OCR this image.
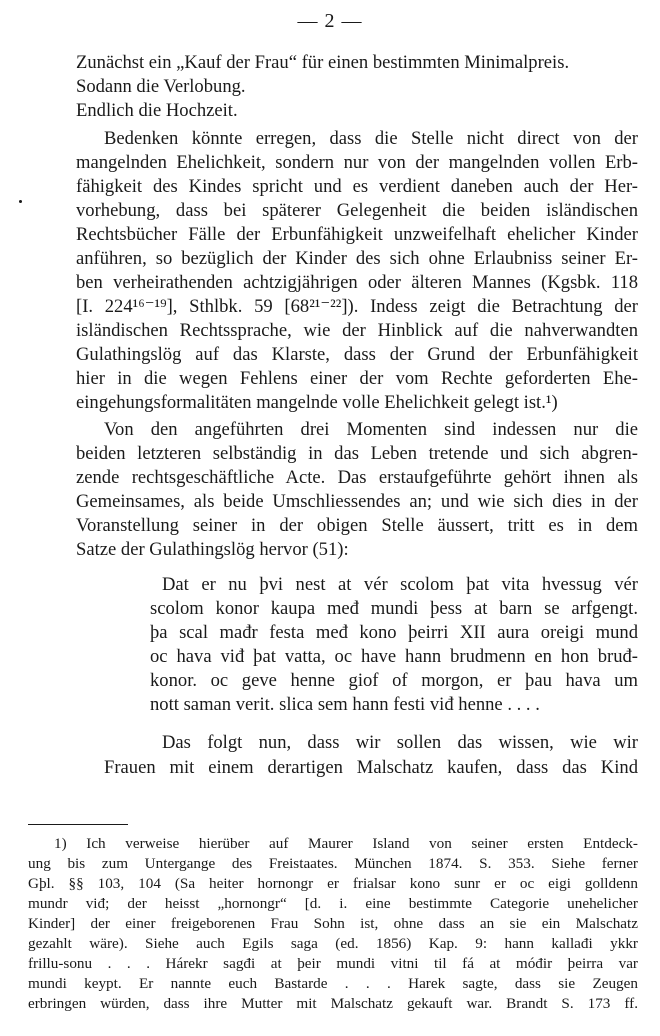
— 2 —
Zunächst ein „Kauf der Frau“ für einen bestimmten Minimalpreis.
Sodann die Verlobung.
Endlich die Hochzeit.
Bedenken könnte erregen, dass die Stelle nicht direct von der
mangelnden Ehelichkeit, sondern nur von der mangelnden vollen Erb-
fähigkeit des Kindes spricht und es verdient daneben auch der Her-
vorhebung, dass bei späterer Gelegenheit die beiden isländischen
Rechtsbücher Fälle der Erbunfähigkeit unzweifelhaft ehelicher Kinder
anführen, so bezüglich der Kinder des sich ohne Erlaubniss seiner Er-
ben verheirathenden achtzigjährigen oder älteren Mannes (Kgsbk. 118
[I. 224¹⁶⁻¹⁹], Sthlbk. 59 [68²¹⁻²²]). Indess zeigt die Betrachtung der
isländischen Rechtssprache, wie der Hinblick auf die nahverwandten
Gulathingslög auf das Klarste, dass der Grund der Erbunfähigkeit
hier in die wegen Fehlens einer der vom Rechte geforderten Ehe-
eingehungsformalitäten mangelnde volle Ehelichkeit gelegt ist.¹)
Von den angeführten drei Momenten sind indessen nur die
beiden letzteren selbständig in das Leben tretende und sich abgren-
zende rechtsgeschäftliche Acte. Das erstaufgeführte gehört ihnen als
Gemeinsames, als beide Umschliessendes an; und wie sich dies in der
Voranstellung seiner in der obigen Stelle äussert, tritt es in dem
Satze der Gulathingslög hervor (51):
Dat er nu þvi nest at vér scolom þat vita hvessug vér
scolom konor kaupa međ mundi þess at barn se arfgengt.
þa scal mađr festa međ kono þeirri XII aura oreigi mund
oc hava viđ þat vatta, oc have hann brudmenn en hon bruđ-
konor. oc geve henne giof of morgon, er þau hava um
nott saman verit. slica sem hann festi viđ henne . . . .
Das folgt nun, dass wir sollen das wissen, wie wir
Frauen mit einem derartigen Malschatz kaufen, dass das Kind
1) Ich verweise hierüber auf Maurer Island von seiner ersten Entdeck-
ung bis zum Untergange des Freistaates. München 1874. S. 353. Siehe ferner
Gþl. §§ 103, 104 (Sa heiter hornongr er frialsar kono sunr er oc eigi golldenn
mundr viđ; der heisst „hornongr“ [d. i. eine bestimmte Categorie unehelicher
Kinder] der einer freigeborenen Frau Sohn ist, ohne dass an sie ein Malschatz
gezahlt wäre). Siehe auch Egils saga (ed. 1856) Kap. 9: hann kallađi ykkr
frillu-sonu . . . Hárekr sagđi at þeir mundi vitni til fá at móđir þeirra var
mundi keypt. Er nannte euch Bastarde . . . Harek sagte, dass sie Zeugen
erbringen würden, dass ihre Mutter mit Malschatz gekauft war. Brandt S. 173 ff.
